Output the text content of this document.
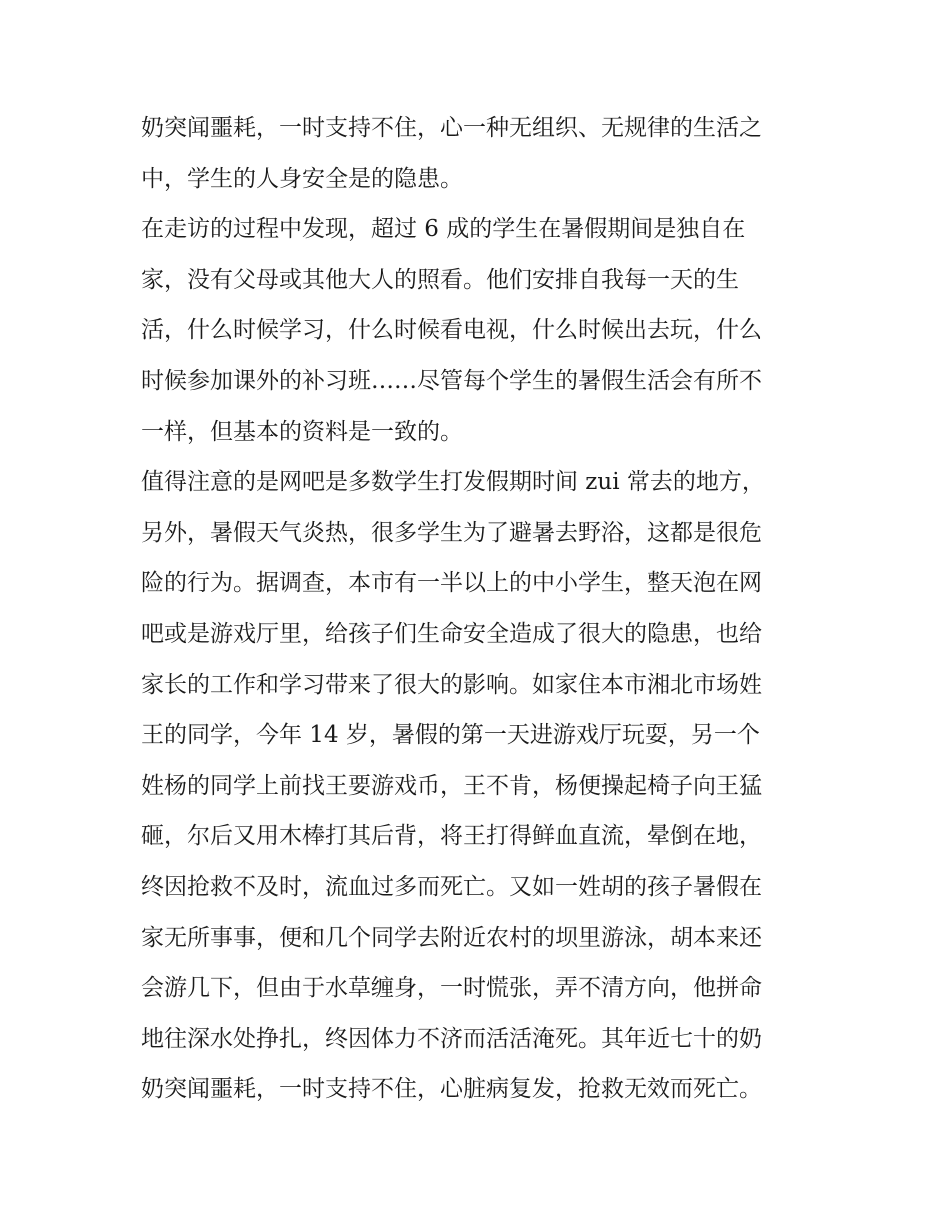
奶突闻噩耗，一时支持不住，心一种无组织、无规律的生活之
中，学生的人身安全是的隐患。
在走访的过程中发现，超过 6 成的学生在暑假期间是独自在
家，没有父母或其他大人的照看。他们安排自我每一天的生
活，什么时候学习，什么时候看电视，什么时候出去玩，什么
时候参加课外的补习班……尽管每个学生的暑假生活会有所不
一样，但基本的资料是一致的。
值得注意的是网吧是多数学生打发假期时间 zui 常去的地方，
另外，暑假天气炎热，很多学生为了避暑去野浴，这都是很危
险的行为。据调查，本市有一半以上的中小学生，整天泡在网
吧或是游戏厅里，给孩子们生命安全造成了很大的隐患，也给
家长的工作和学习带来了很大的影响。如家住本市湘北市场姓
王的同学，今年 14 岁，暑假的第一天进游戏厅玩耍，另一个
姓杨的同学上前找王要游戏币，王不肯，杨便操起椅子向王猛
砸，尔后又用木棒打其后背，将王打得鲜血直流，晕倒在地，
终因抢救不及时，流血过多而死亡。又如一姓胡的孩子暑假在
家无所事事，便和几个同学去附近农村的坝里游泳，胡本来还
会游几下，但由于水草缠身，一时慌张，弄不清方向，他拼命
地往深水处挣扎，终因体力不济而活活淹死。其年近七十的奶
奶突闻噩耗，一时支持不住，心脏病复发，抢救无效而死亡。
